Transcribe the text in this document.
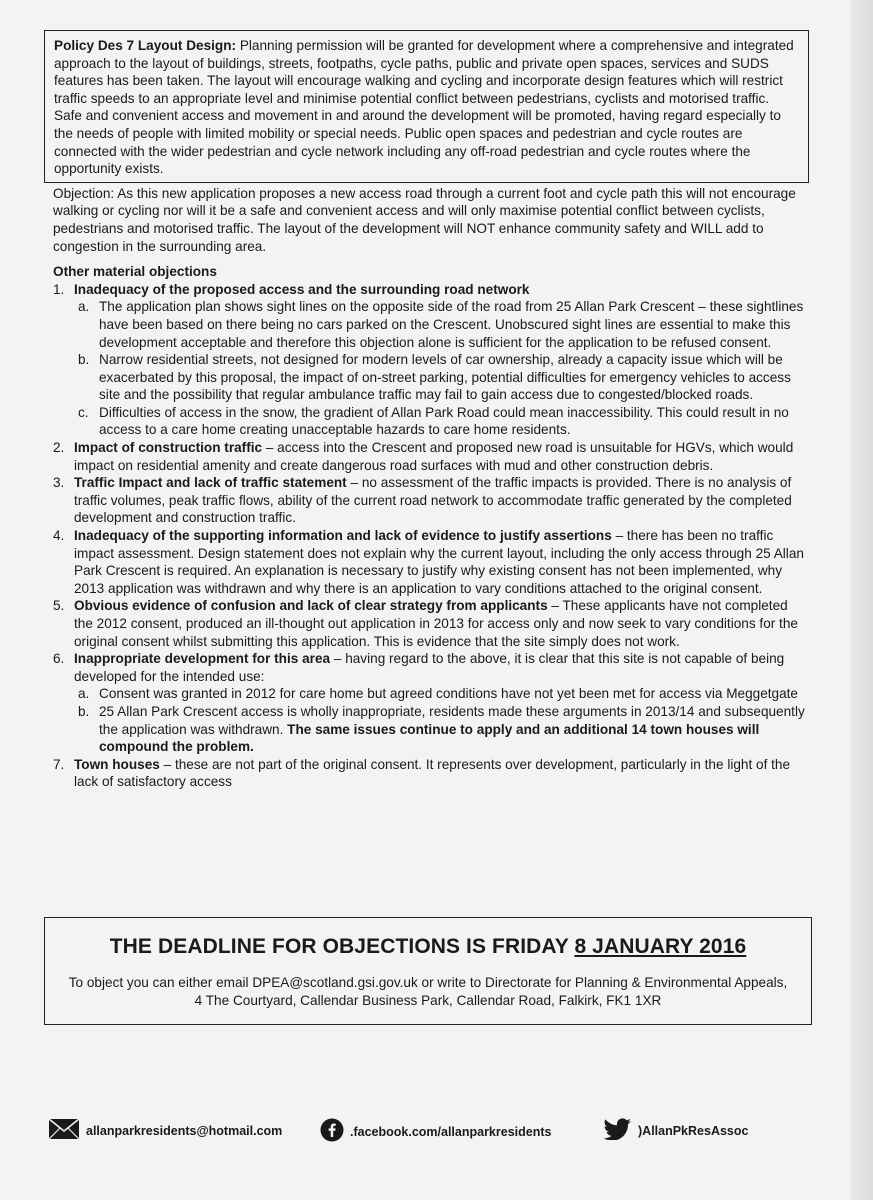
Policy Des 7 Layout Design: Planning permission will be granted for development where a comprehensive and integrated approach to the layout of buildings, streets, footpaths, cycle paths, public and private open spaces, services and SUDS features has been taken. The layout will encourage walking and cycling and incorporate design features which will restrict traffic speeds to an appropriate level and minimise potential conflict between pedestrians, cyclists and motorised traffic. Safe and convenient access and movement in and around the development will be promoted, having regard especially to the needs of people with limited mobility or special needs. Public open spaces and pedestrian and cycle routes are connected with the wider pedestrian and cycle network including any off-road pedestrian and cycle routes where the opportunity exists.
Objection: As this new application proposes a new access road through a current foot and cycle path this will not encourage walking or cycling nor will it be a safe and convenient access and will only maximise potential conflict between cyclists, pedestrians and motorised traffic. The layout of the development will NOT enhance community safety and WILL add to congestion in the surrounding area.
Other material objections
1. Inadequacy of the proposed access and the surrounding road network
a. The application plan shows sight lines on the opposite side of the road from 25 Allan Park Crescent – these sightlines have been based on there being no cars parked on the Crescent. Unobscured sight lines are essential to make this development acceptable and therefore this objection alone is sufficient for the application to be refused consent.
b. Narrow residential streets, not designed for modern levels of car ownership, already a capacity issue which will be exacerbated by this proposal, the impact of on-street parking, potential difficulties for emergency vehicles to access site and the possibility that regular ambulance traffic may fail to gain access due to congested/blocked roads.
c. Difficulties of access in the snow, the gradient of Allan Park Road could mean inaccessibility. This could result in no access to a care home creating unacceptable hazards to care home residents.
2. Impact of construction traffic – access into the Crescent and proposed new road is unsuitable for HGVs, which would impact on residential amenity and create dangerous road surfaces with mud and other construction debris.
3. Traffic Impact and lack of traffic statement – no assessment of the traffic impacts is provided. There is no analysis of traffic volumes, peak traffic flows, ability of the current road network to accommodate traffic generated by the completed development and construction traffic.
4. Inadequacy of the supporting information and lack of evidence to justify assertions – there has been no traffic impact assessment. Design statement does not explain why the current layout, including the only access through 25 Allan Park Crescent is required. An explanation is necessary to justify why existing consent has not been implemented, why 2013 application was withdrawn and why there is an application to vary conditions attached to the original consent.
5. Obvious evidence of confusion and lack of clear strategy from applicants – These applicants have not completed the 2012 consent, produced an ill-thought out application in 2013 for access only and now seek to vary conditions for the original consent whilst submitting this application. This is evidence that the site simply does not work.
6. Inappropriate development for this area – having regard to the above, it is clear that this site is not capable of being developed for the intended use:
a. Consent was granted in 2012 for care home but agreed conditions have not yet been met for access via Meggetgate
b. 25 Allan Park Crescent access is wholly inappropriate, residents made these arguments in 2013/14 and subsequently the application was withdrawn. The same issues continue to apply and an additional 14 town houses will compound the problem.
7. Town houses – these are not part of the original consent. It represents over development, particularly in the light of the lack of satisfactory access
THE DEADLINE FOR OBJECTIONS IS FRIDAY 8 JANUARY 2016
To object you can either email DPEA@scotland.gsi.gov.uk or write to Directorate for Planning & Environmental Appeals, 4 The Courtyard, Callendar Business Park, Callendar Road, Falkirk, FK1 1XR
allanparkresidents@hotmail.com	.facebook.com/allanparkresidents	)AllanPkResAssoc
